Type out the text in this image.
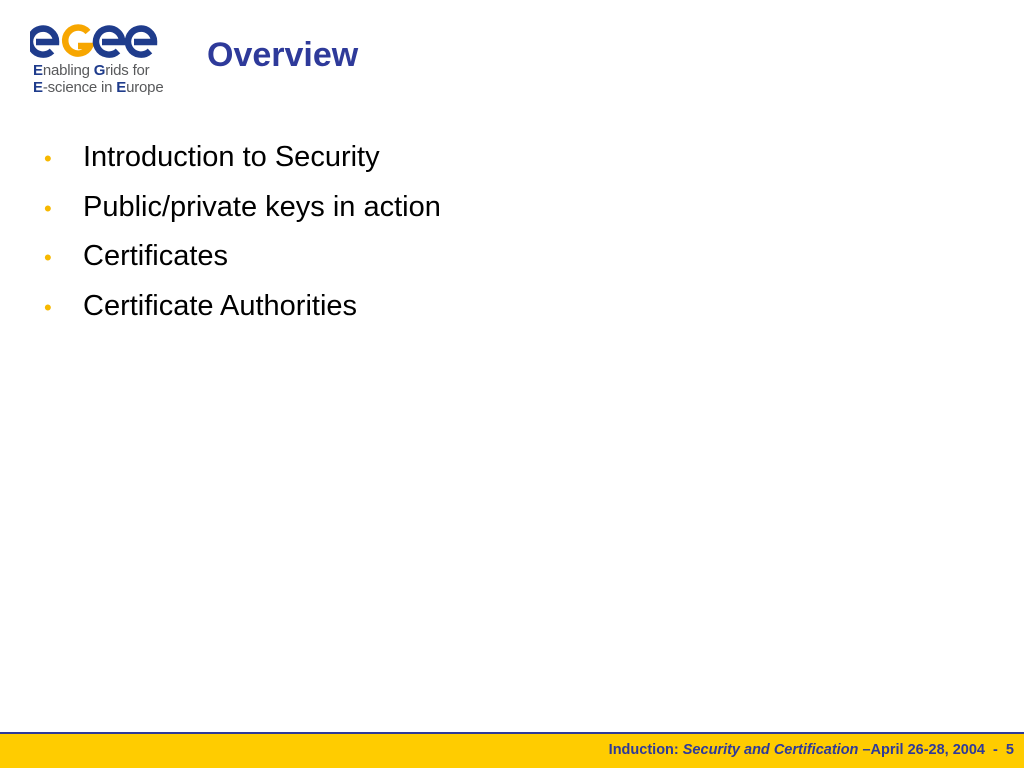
Enabling Grids for
E-science in Europe
Overview
•	Introduction to Security
•	Public/private keys in action
•	Certificates
•	Certificate Authorities
Induction: Security and Certification –April 26-28, 2004  -  5
